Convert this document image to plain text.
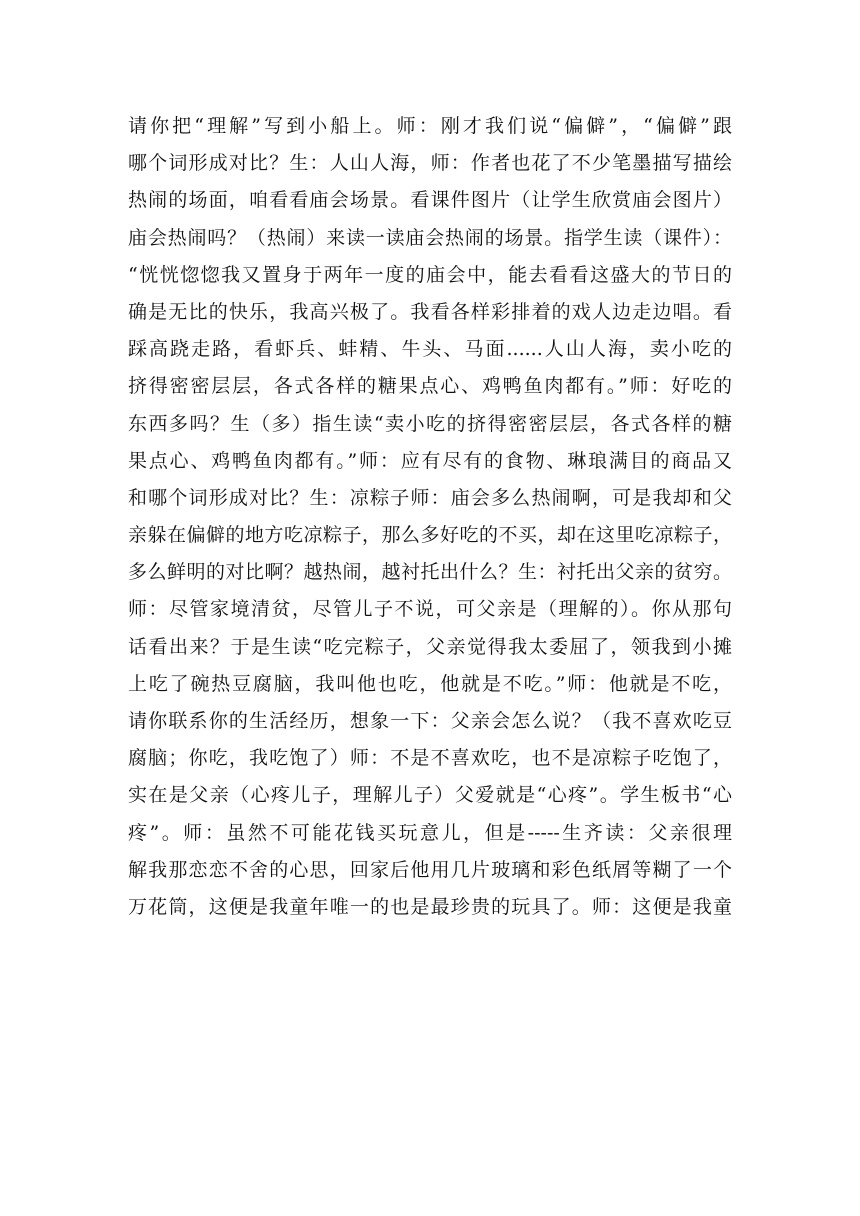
请你把“理解”写到小船上。师：刚才我们说“偏僻”，“偏僻”跟
哪个词形成对比？生：人山人海，师：作者也花了不少笔墨描写描绘
热闹的场面，咱看看庙会场景。看课件图片（让学生欣赏庙会图片）
庙会热闹吗？（热闹）来读一读庙会热闹的场景。指学生读（课件）：
“恍恍惚惚我又置身于两年一度的庙会中，能去看看这盛大的节日的
确是无比的快乐，我高兴极了。我看各样彩排着的戏人边走边唱。看
踩高跷走路，看虾兵、蚌精、牛头、马面......人山人海，卖小吃的
挤得密密层层，各式各样的糖果点心、鸡鸭鱼肉都有。”师：好吃的
东西多吗？生（多）指生读“卖小吃的挤得密密层层，各式各样的糖
果点心、鸡鸭鱼肉都有。”师：应有尽有的食物、琳琅满目的商品又
和哪个词形成对比？生：凉粽子师：庙会多么热闹啊，可是我却和父
亲躲在偏僻的地方吃凉粽子，那么多好吃的不买，却在这里吃凉粽子，
多么鲜明的对比啊？越热闹，越衬托出什么？生：衬托出父亲的贫穷。
师：尽管家境清贫，尽管儿子不说，可父亲是（理解的）。你从那句
话看出来？于是生读“吃完粽子，父亲觉得我太委屈了，领我到小摊
上吃了碗热豆腐脑，我叫他也吃，他就是不吃。”师：他就是不吃，
请你联系你的生活经历，想象一下：父亲会怎么说？（我不喜欢吃豆
腐脑；你吃，我吃饱了）师：不是不喜欢吃，也不是凉粽子吃饱了，
实在是父亲（心疼儿子，理解儿子）父爱就是“心疼”。学生板书“心
疼”。师：虽然不可能花钱买玩意儿，但是-----生齐读：父亲很理
解我那恋恋不舍的心思，回家后他用几片玻璃和彩色纸屑等糊了一个
万花筒，这便是我童年唯一的也是最珍贵的玩具了。师：这便是我童
